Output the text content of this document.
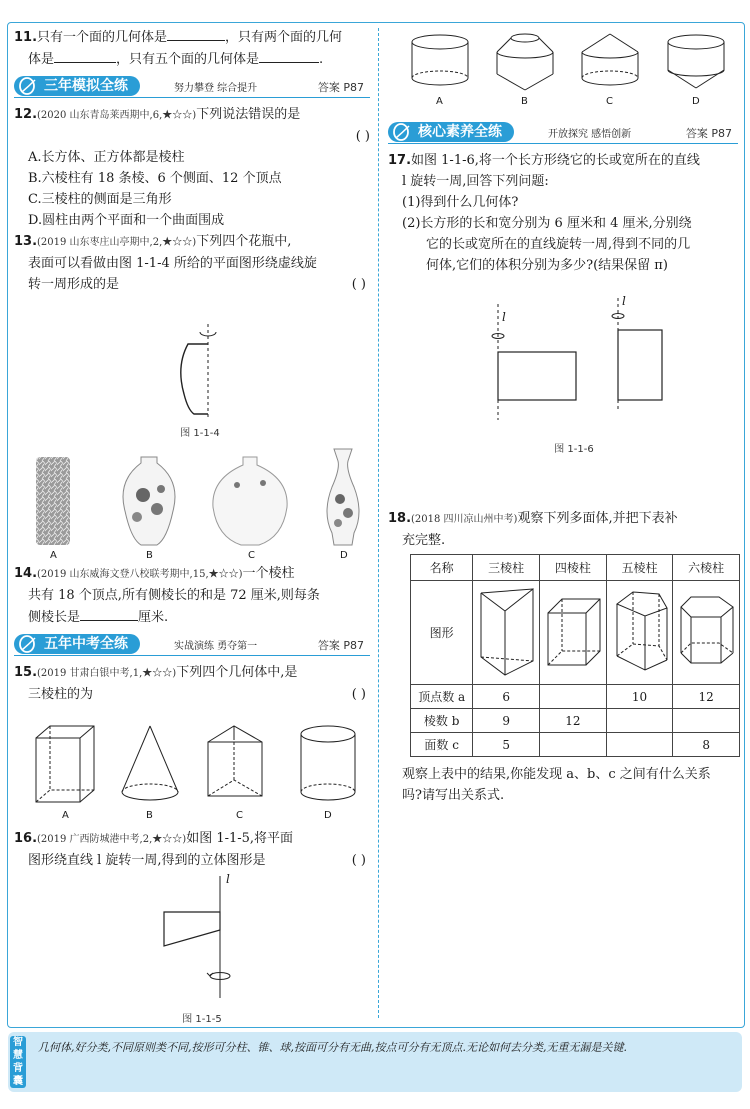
11.只有一个面的几何体是	，只有两个面的几何
体是	，只有五个面的几何体是	.
三年模拟全练	努力攀登 综合提升	答案 P87
12.(2020 山东青岛莱西期中,6,★☆☆)下列说法错误的是
( )
A.长方体、正方体都是棱柱
B.六棱柱有 18 条棱、6 个侧面、12 个顶点
C.三棱柱的侧面是三角形
D.圆柱由两个平面和一个曲面围成
13.(2019 山东枣庄山亭期中,2,★☆☆)下列四个花瓶中,
表面可以看做由图 1-1-4 所给的平面图形绕虚线旋
转一周形成的是	( )
图 1-1-4
A	B	C	D
14.(2019 山东威海文登八校联考期中,15,★☆☆)一个棱柱
共有 18 个顶点,所有侧棱长的和是 72 厘米,则每条
侧棱长是	厘米.
五年中考全练	实战演练 勇夺第一	答案 P87
15.(2019 甘肃白银中考,1,★☆☆)下列四个几何体中,是
三棱柱的为	( )
A	B	C	D
16.(2019 广西防城港中考,2,★☆☆)如图 1-1-5,将平面
图形绕直线 l 旋转一周,得到的立体图形是	( )
l
图 1-1-5
A	B	C	D
核心素养全练	开放探究 感悟创新	答案 P87
17.如图 1-1-6,将一个长方形绕它的长或宽所在的直线
l 旋转一周,回答下列问题:
(1)得到什么几何体?
(2)长方形的长和宽分别为 6 厘米和 4 厘米,分别绕
它的长或宽所在的直线旋转一周,得到不同的几
何体,它们的体积分别为多少?(结果保留 π)
l
l
图 1-1-6
18.(2018 四川凉山州中考)观察下列多面体,并把下表补
充完整.
名称	三棱柱	四棱柱	五棱柱	六棱柱
图形				
顶点数 a	6		10	12
棱数 b	9	12		
面数 c	5			8
观察上表中的结果,你能发现 a、b、c 之间有什么关系
吗?请写出关系式.
智慧背囊
几何体,好分类,不同原则类不同,按形可分柱、锥、球,按面可分有无曲,按点可分有无顶点.无论如何去分类,无重无漏是关键.
